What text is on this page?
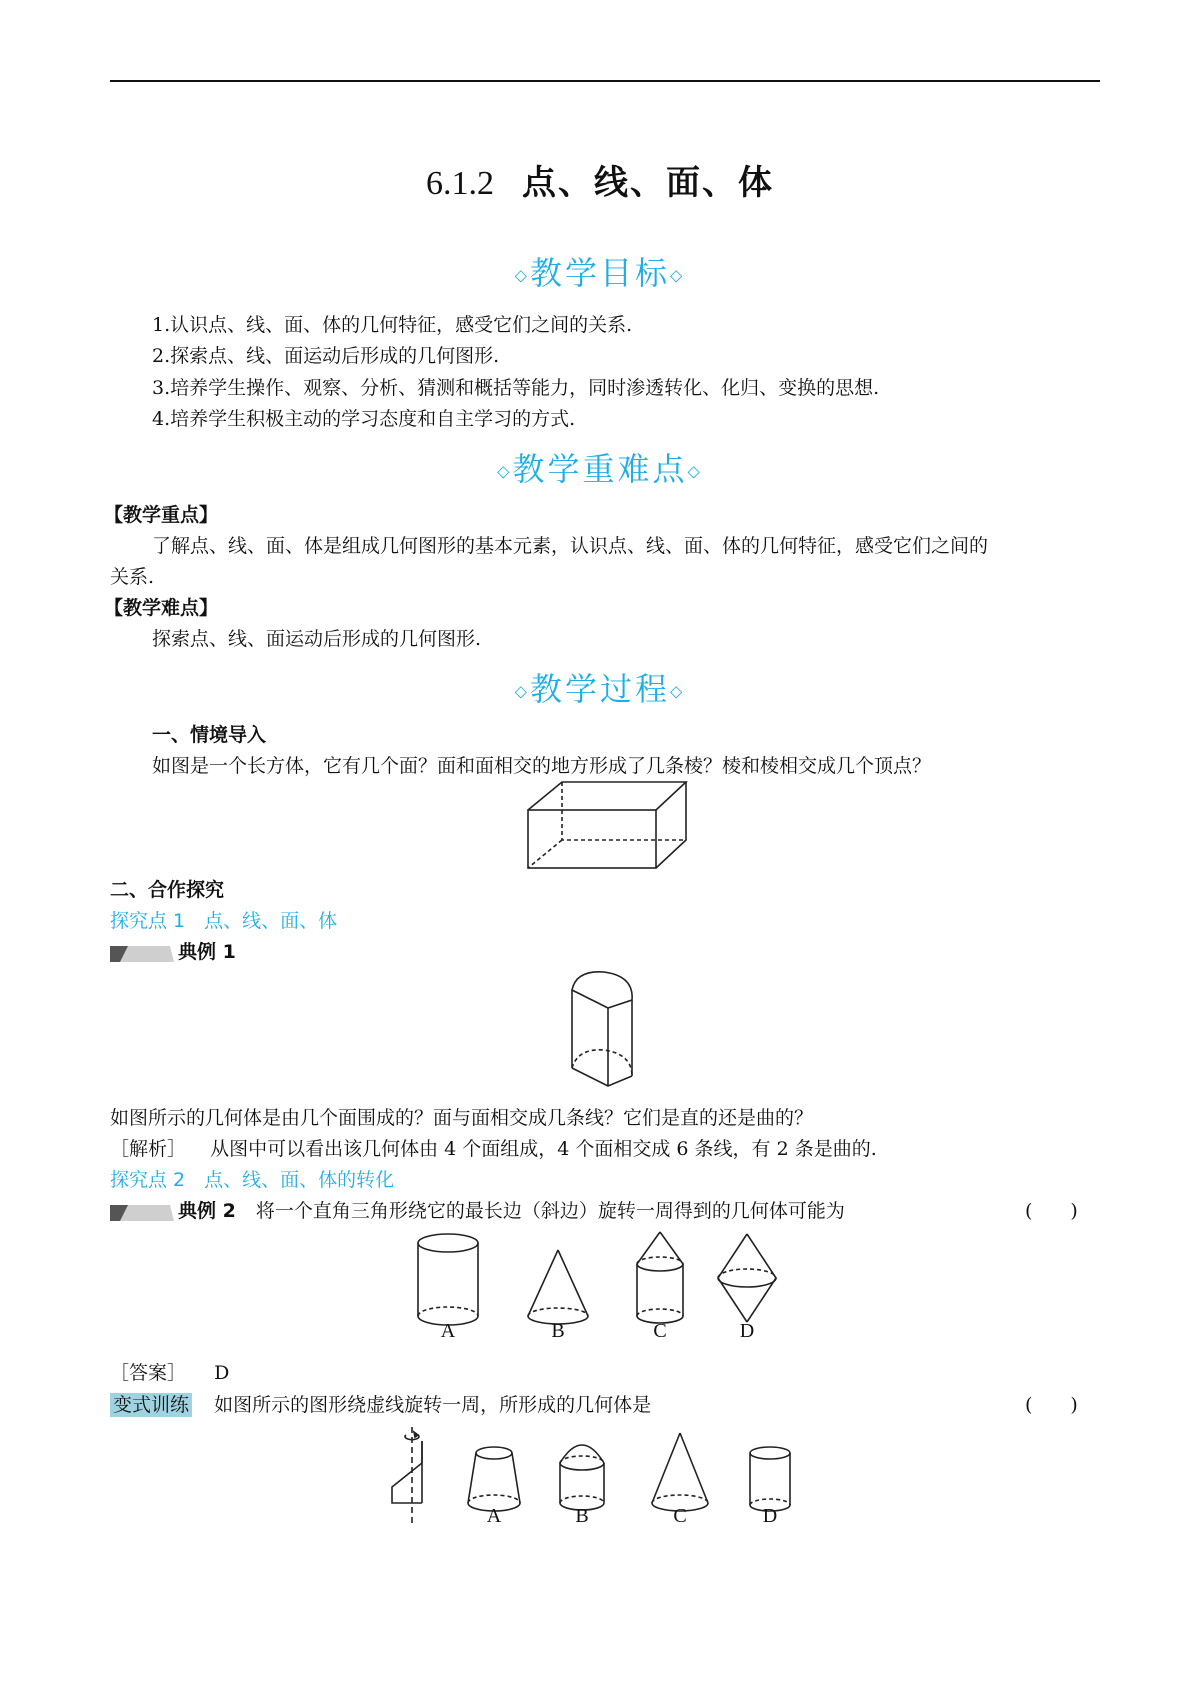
6.1.2 点、线、面、体
◇教学目标◇
1.认识点、线、面、体的几何特征，感受它们之间的关系.
2.探索点、线、面运动后形成的几何图形.
3.培养学生操作、观察、分析、猜测和概括等能力，同时渗透转化、化归、变换的思想.
4.培养学生积极主动的学习态度和自主学习的方式.
◇教学重难点◇
【教学重点】
了解点、线、面、体是组成几何图形的基本元素，认识点、线、面、体的几何特征，感受它们之间的
关系.
【教学难点】
探索点、线、面运动后形成的几何图形.
◇教学过程◇
一、情境导入
如图是一个长方体，它有几个面？面和面相交的地方形成了几条棱？棱和棱相交成几个顶点？
二、合作探究
探究点 1　点、线、面、体
典例 1
如图所示的几何体是由几个面围成的？面与面相交成几条线？它们是直的还是曲的？
［解析］ 从图中可以看出该几何体由 4 个面组成，4 个面相交成 6 条线，有 2 条是曲的.
探究点 2　点、线、面、体的转化
典例 2 将一个直角三角形绕它的最长边（斜边）旋转一周得到的几何体可能为	(　　)
A	B	C	D
［答案］ D
变式训练 如图所示的图形绕虚线旋转一周，所形成的几何体是	(　　)
A	B	C	D
